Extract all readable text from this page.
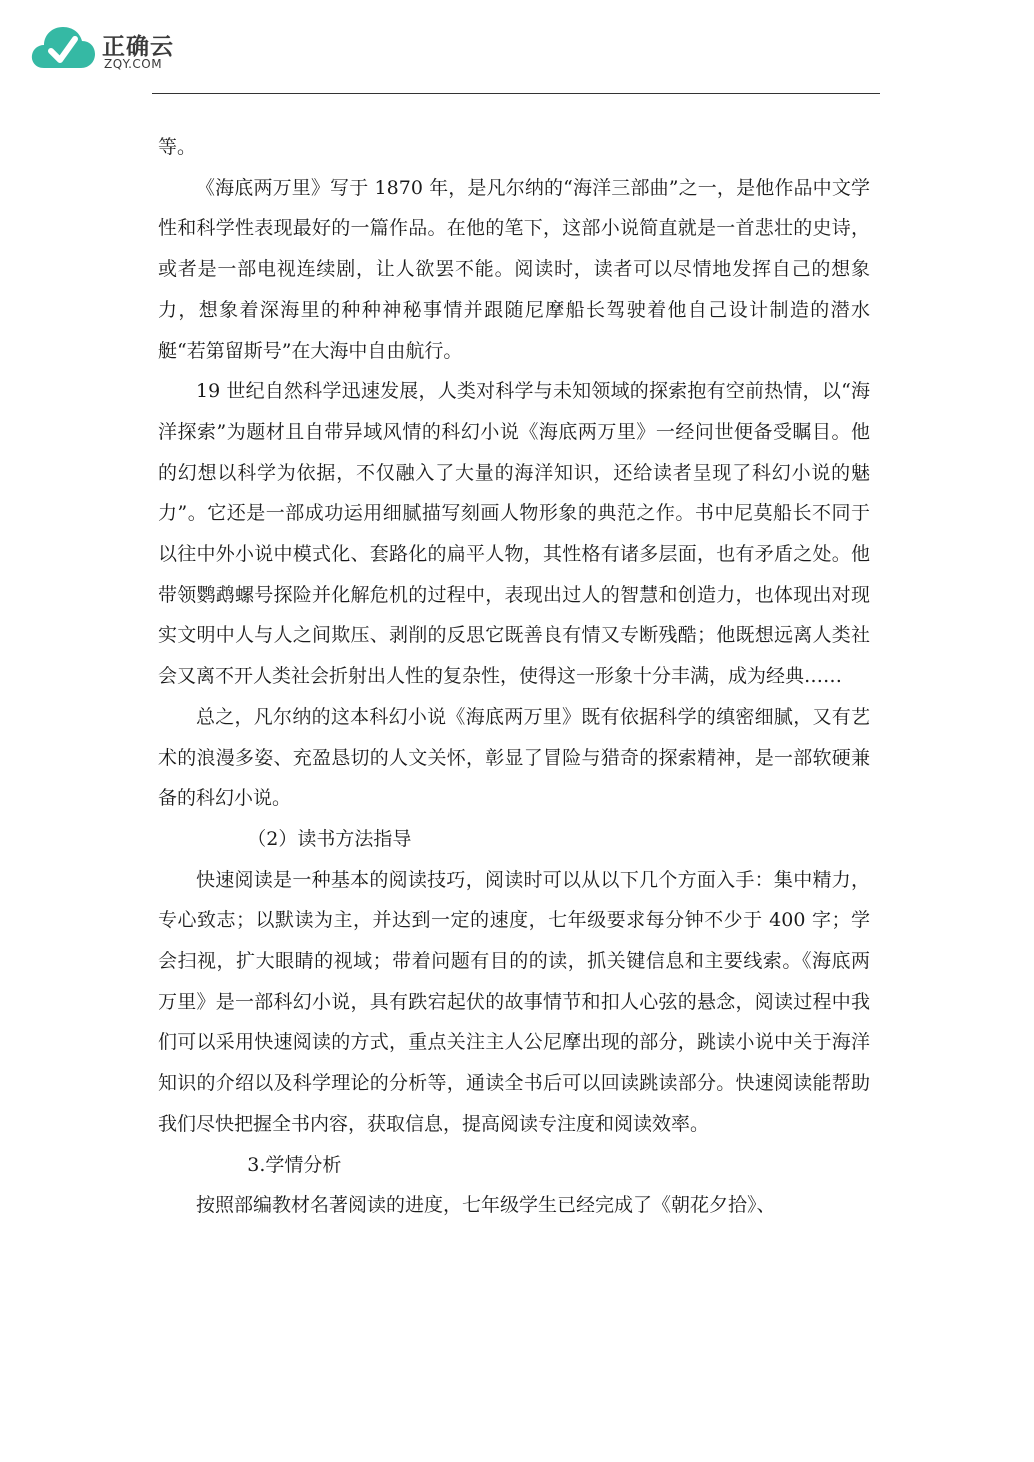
正确云
ZQY.COM

等。

《海底两万里》写于 1870 年，是凡尔纳的“海洋三部曲”之一，是他作品中文学性和科学性表现最好的一篇作品。在他的笔下，这部小说简直就是一首悲壮的史诗，或者是一部电视连续剧，让人欲罢不能。阅读时，读者可以尽情地发挥自己的想象力，想象着深海里的种种神秘事情并跟随尼摩船长驾驶着他自己设计制造的潜水艇“若第留斯号”在大海中自由航行。

19 世纪自然科学迅速发展，人类对科学与未知领域的探索抱有空前热情，以“海洋探索”为题材且自带异域风情的科幻小说《海底两万里》一经问世便备受瞩目。他的幻想以科学为依据，不仅融入了大量的海洋知识，还给读者呈现了科幻小说的魅力”。它还是一部成功运用细腻描写刻画人物形象的典范之作。书中尼莫船长不同于以往中外小说中模式化、套路化的扁平人物，其性格有诸多层面，也有矛盾之处。他带领鹦鹉螺号探险并化解危机的过程中，表现出过人的智慧和创造力，也体现出对现实文明中人与人之间欺压、剥削的反思它既善良有情又专断残酷；他既想远离人类社会又离不开人类社会折射出人性的复杂性，使得这一形象十分丰满，成为经典……

总之，凡尔纳的这本科幻小说《海底两万里》既有依据科学的缜密细腻，又有艺术的浪漫多姿、充盈恳切的人文关怀，彰显了冒险与猎奇的探索精神，是一部软硬兼备的科幻小说。

（2）读书方法指导

快速阅读是一种基本的阅读技巧，阅读时可以从以下几个方面入手：集中精力，专心致志；以默读为主，并达到一定的速度，七年级要求每分钟不少于 400 字；学会扫视，扩大眼睛的视域；带着问题有目的的读，抓关键信息和主要线索。《海底两万里》是一部科幻小说，具有跌宕起伏的故事情节和扣人心弦的悬念，阅读过程中我们可以采用快速阅读的方式，重点关注主人公尼摩出现的部分，跳读小说中关于海洋知识的介绍以及科学理论的分析等，通读全书后可以回读跳读部分。快速阅读能帮助我们尽快把握全书内容，获取信息，提高阅读专注度和阅读效率。

3.学情分析

按照部编教材名著阅读的进度，七年级学生已经完成了《朝花夕拾》、
